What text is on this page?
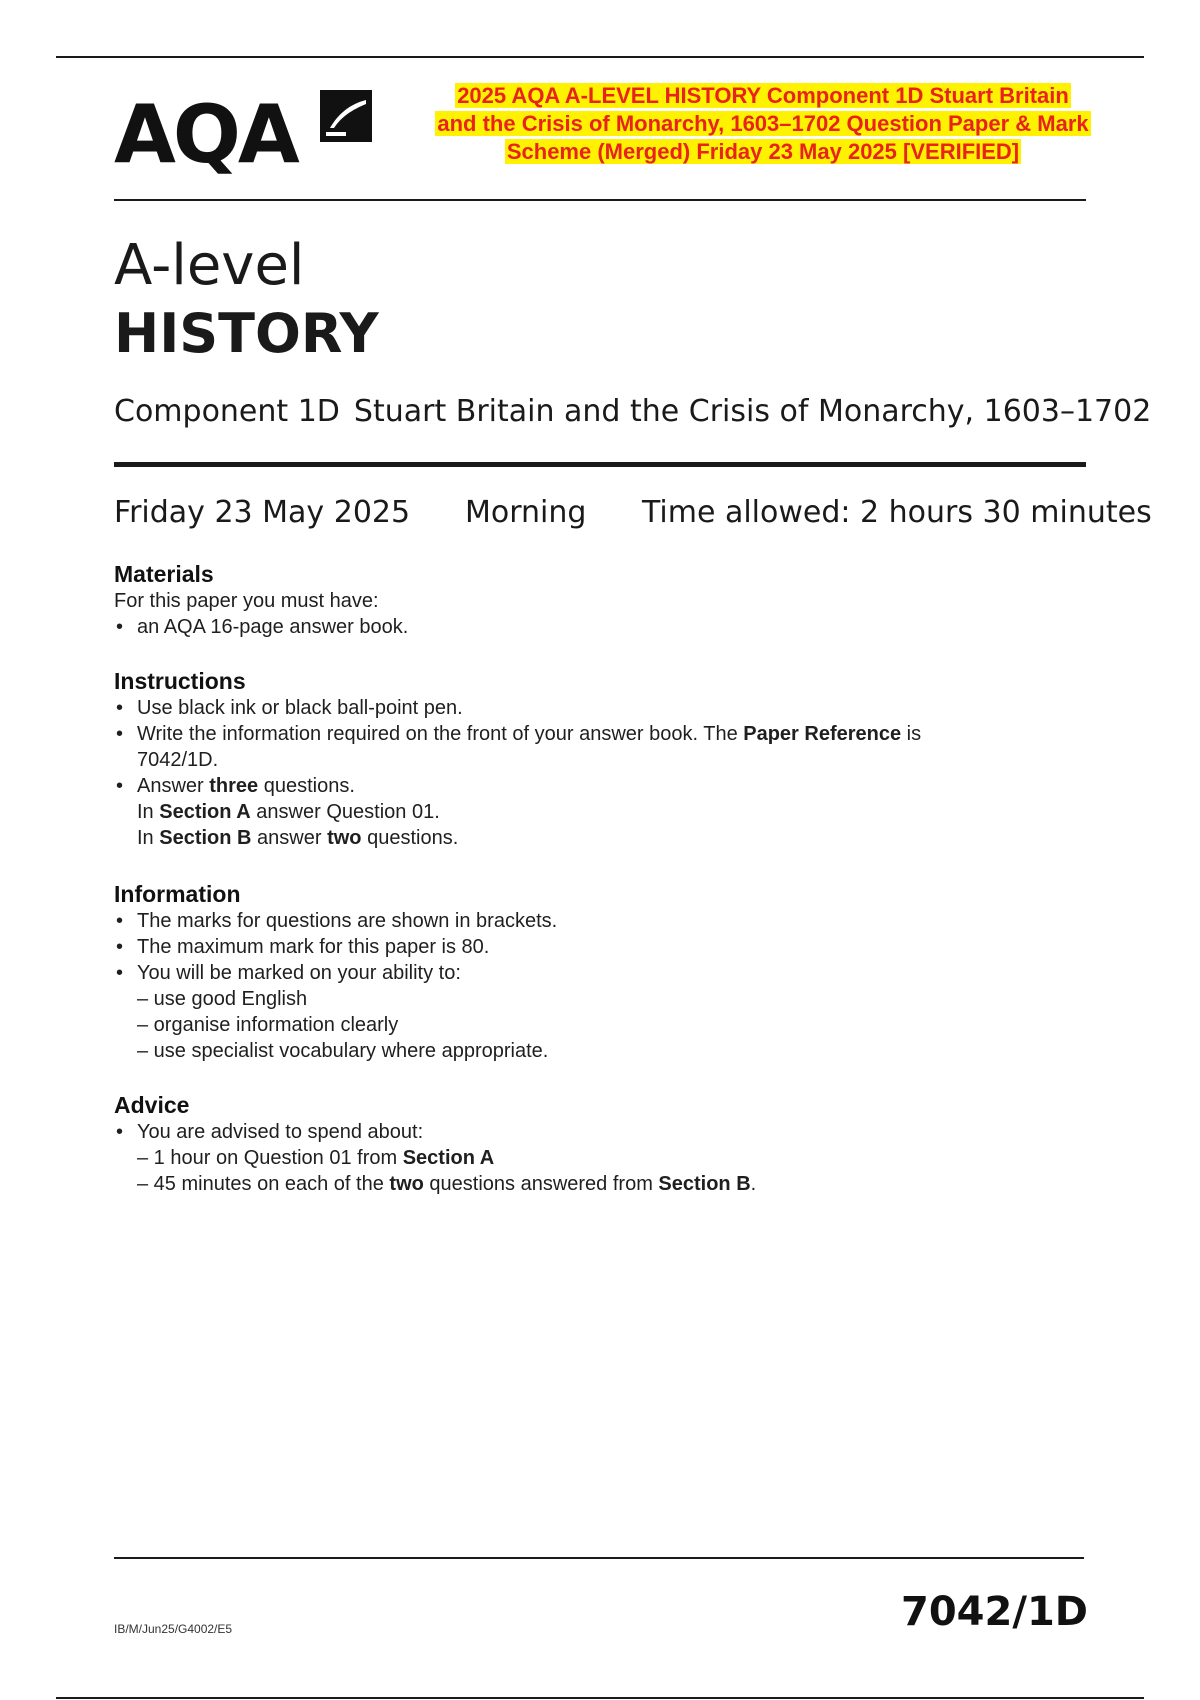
AQA	2025 AQA A-LEVEL HISTORY Component 1D Stuart Britain
and the Crisis of Monarchy, 1603–1702 Question Paper & Mark
Scheme (Merged) Friday 23 May 2025 [VERIFIED]
A-level
HISTORY
Component 1D Stuart Britain and the Crisis of Monarchy, 1603–1702
Friday 23 May 2025 Morning Time allowed: 2 hours 30 minutes
Materials

For this paper you must have:

• an AQA 16-page answer book.
Instructions
• Use black ink or black ball-point pen.
• Write the information required on the front of your answer book. The Paper Reference is
7042/1D.
• Answer three questions.
In Section A answer Question 01.
In Section B answer two questions.
Information
• The marks for questions are shown in brackets.
• The maximum mark for this paper is 80.
• You will be marked on your ability to:
– use good English
– organise information clearly
– use specialist vocabulary where appropriate.
Advice
• You are advised to spend about:
– 1 hour on Question 01 from Section A
– 45 minutes on each of the two questions answered from Section B.
IB/M/Jun25/G4002/E5	7042/1D
